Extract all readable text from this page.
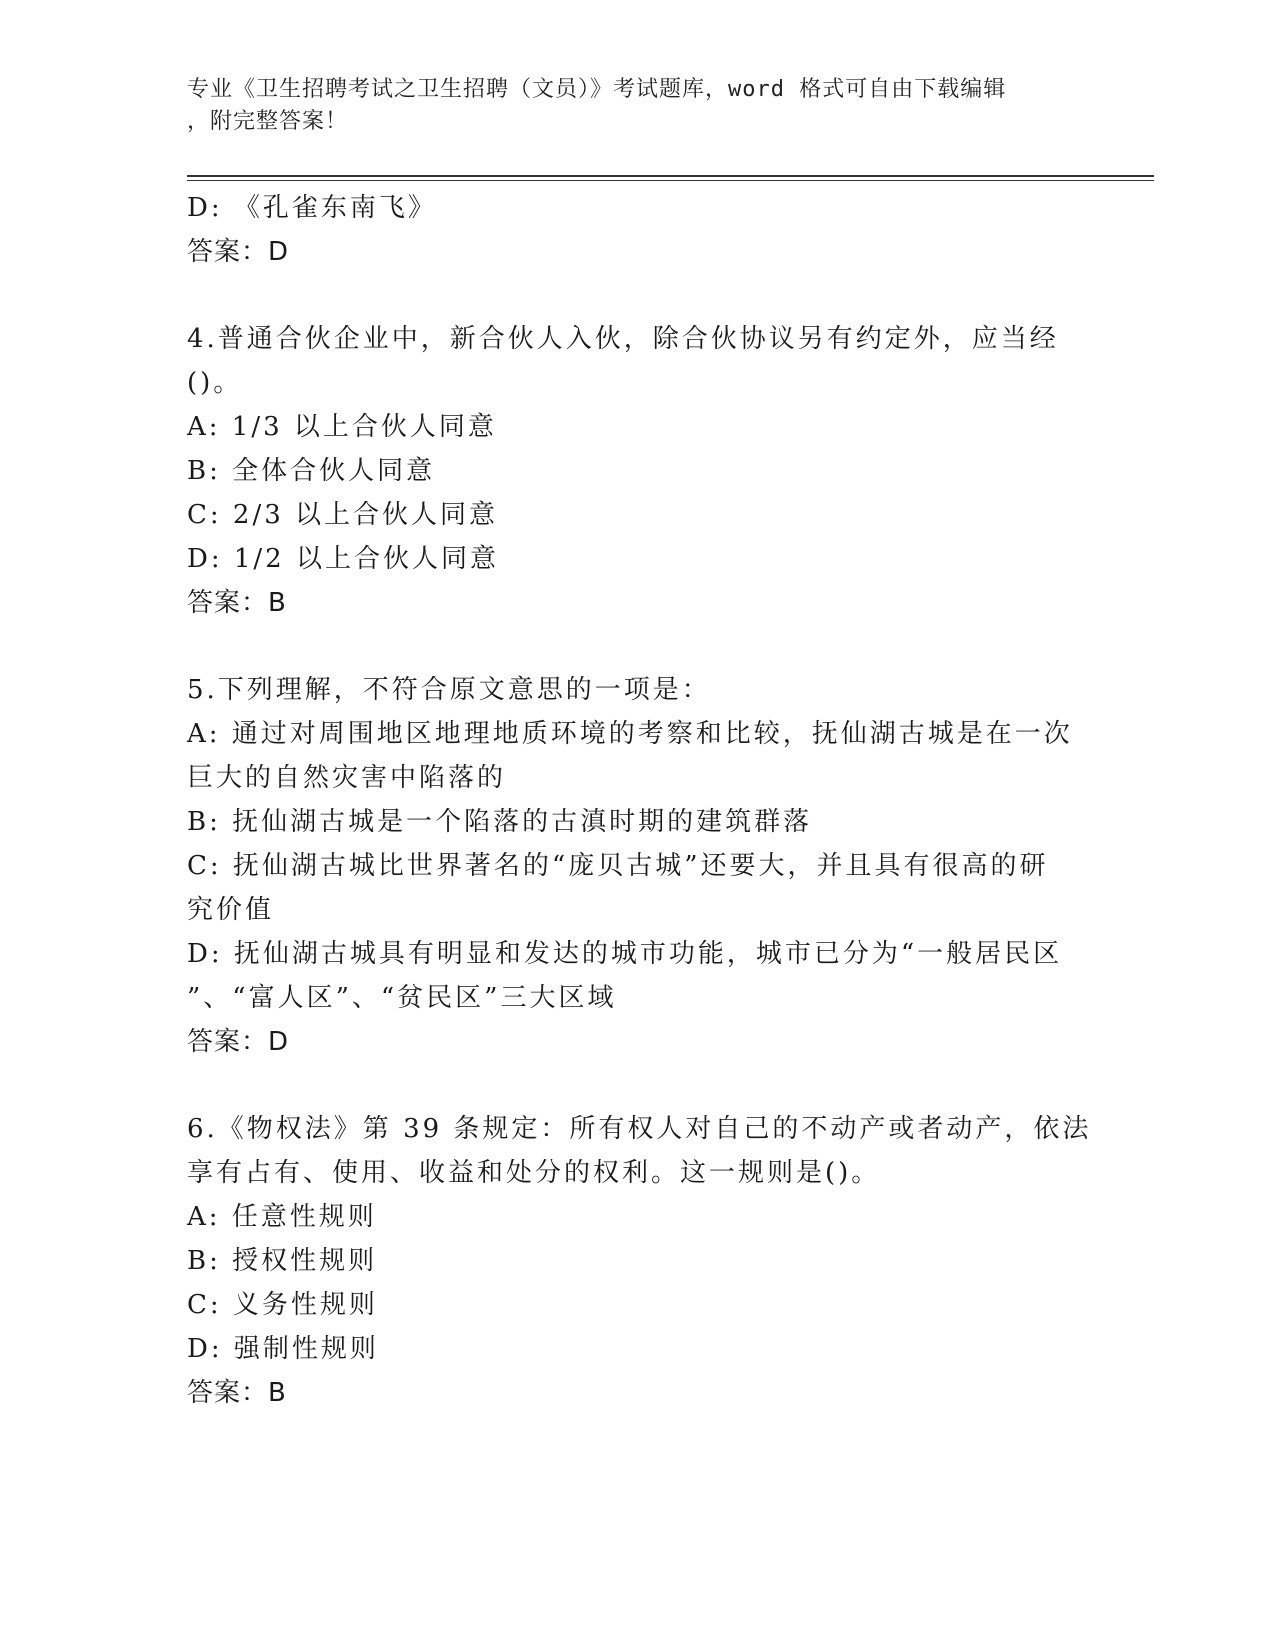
专业《卫生招聘考试之卫生招聘（文员）》考试题库，word 格式可自由下载编辑
，附完整答案！
D: 《孔雀东南飞》
答案：D
4.普通合伙企业中，新合伙人入伙，除合伙协议另有约定外，应当经
()。
A: 1/3 以上合伙人同意
B: 全体合伙人同意
C: 2/3 以上合伙人同意
D: 1/2 以上合伙人同意
答案：B
5.下列理解，不符合原文意思的一项是：
A: 通过对周围地区地理地质环境的考察和比较，抚仙湖古城是在一次
巨大的自然灾害中陷落的
B: 抚仙湖古城是一个陷落的古滇时期的建筑群落
C: 抚仙湖古城比世界著名的“庞贝古城”还要大，并且具有很高的研
究价值
D: 抚仙湖古城具有明显和发达的城市功能，城市已分为“一般居民区
”、“富人区”、“贫民区”三大区域
答案：D
6.《物权法》第 39 条规定：所有权人对自己的不动产或者动产，依法
享有占有、使用、收益和处分的权利。这一规则是()。
A: 任意性规则
B: 授权性规则
C: 义务性规则
D: 强制性规则
答案：B
